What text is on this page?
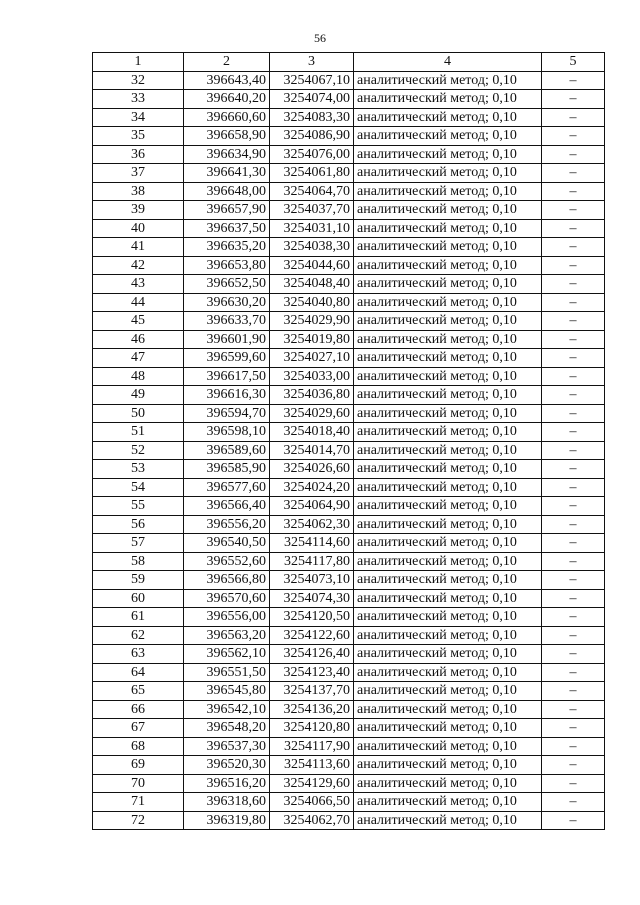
56
1	2	3	4	5
32	396643,40	3254067,10	аналитический метод; 0,10	–
33	396640,20	3254074,00	аналитический метод; 0,10	–
34	396660,60	3254083,30	аналитический метод; 0,10	–
35	396658,90	3254086,90	аналитический метод; 0,10	–
36	396634,90	3254076,00	аналитический метод; 0,10	–
37	396641,30	3254061,80	аналитический метод; 0,10	–
38	396648,00	3254064,70	аналитический метод; 0,10	–
39	396657,90	3254037,70	аналитический метод; 0,10	–
40	396637,50	3254031,10	аналитический метод; 0,10	–
41	396635,20	3254038,30	аналитический метод; 0,10	–
42	396653,80	3254044,60	аналитический метод; 0,10	–
43	396652,50	3254048,40	аналитический метод; 0,10	–
44	396630,20	3254040,80	аналитический метод; 0,10	–
45	396633,70	3254029,90	аналитический метод; 0,10	–
46	396601,90	3254019,80	аналитический метод; 0,10	–
47	396599,60	3254027,10	аналитический метод; 0,10	–
48	396617,50	3254033,00	аналитический метод; 0,10	–
49	396616,30	3254036,80	аналитический метод; 0,10	–
50	396594,70	3254029,60	аналитический метод; 0,10	–
51	396598,10	3254018,40	аналитический метод; 0,10	–
52	396589,60	3254014,70	аналитический метод; 0,10	–
53	396585,90	3254026,60	аналитический метод; 0,10	–
54	396577,60	3254024,20	аналитический метод; 0,10	–
55	396566,40	3254064,90	аналитический метод; 0,10	–
56	396556,20	3254062,30	аналитический метод; 0,10	–
57	396540,50	3254114,60	аналитический метод; 0,10	–
58	396552,60	3254117,80	аналитический метод; 0,10	–
59	396566,80	3254073,10	аналитический метод; 0,10	–
60	396570,60	3254074,30	аналитический метод; 0,10	–
61	396556,00	3254120,50	аналитический метод; 0,10	–
62	396563,20	3254122,60	аналитический метод; 0,10	–
63	396562,10	3254126,40	аналитический метод; 0,10	–
64	396551,50	3254123,40	аналитический метод; 0,10	–
65	396545,80	3254137,70	аналитический метод; 0,10	–
66	396542,10	3254136,20	аналитический метод; 0,10	–
67	396548,20	3254120,80	аналитический метод; 0,10	–
68	396537,30	3254117,90	аналитический метод; 0,10	–
69	396520,30	3254113,60	аналитический метод; 0,10	–
70	396516,20	3254129,60	аналитический метод; 0,10	–
71	396318,60	3254066,50	аналитический метод; 0,10	–
72	396319,80	3254062,70	аналитический метод; 0,10	–
